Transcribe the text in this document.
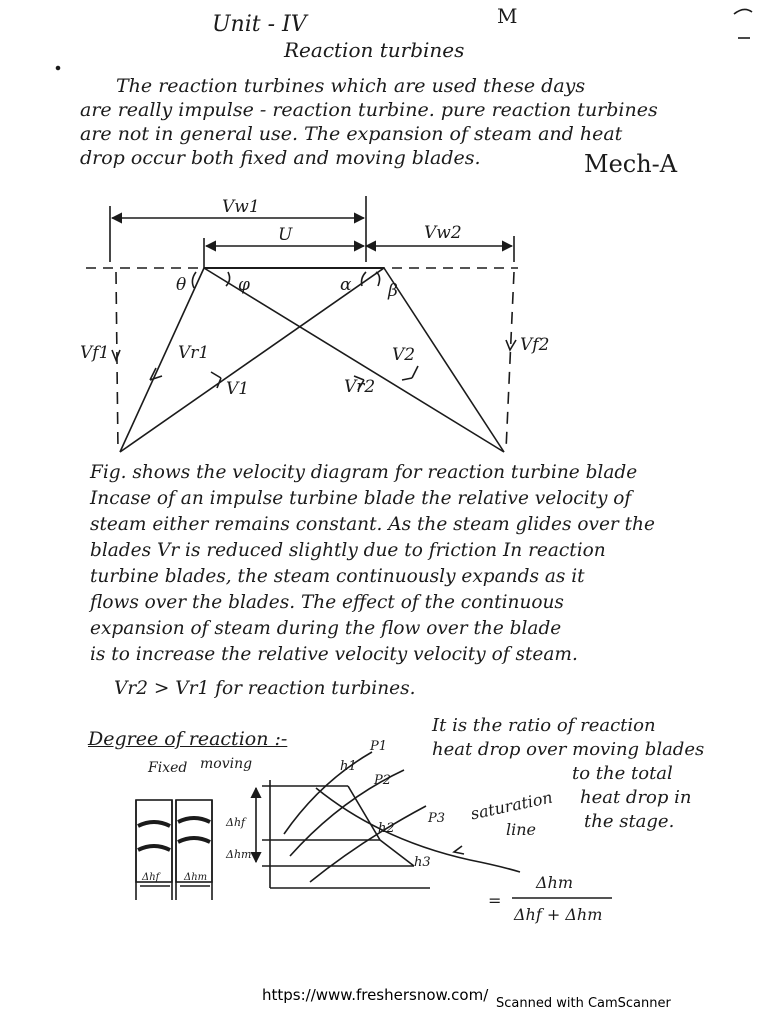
Unit - IV	M
Reaction turbines
The reaction turbines which are used these days
are really impulse - reaction turbine. pure reaction turbines
are not in general use. The expansion of steam and heat
drop occur both fixed and moving blades.	Mech-A
Vw1
U	Vw2
θ	φ	α β
Vf1	Vf2
Vr1
V1	Vr2
V2
Fig. shows the velocity diagram for reaction turbine blade
Incase of an impulse turbine blade the relative velocity of
steam either remains constant. As the steam glides over the
blades Vr is reduced slightly due to friction In reaction
turbine blades, the steam continuously expands as it
flows over the blades. The effect of the continuous
expansion of steam during the flow over the blade
is to increase the relative velocity velocity of steam.
Vr2 > Vr1 for reaction turbines.
Degree of reaction :-
Fixed moving
It is the ratio of reaction
heat drop over moving blades
to the total
heat drop in
the stage.
saturation
line
P1
P2
P3
h1
h2
h3
Δhf
Δhm
Δhf Δhm
=
Δhm
Δhf + Δhm
https://www.freshersnow.com/ Scanned with CamScanner
